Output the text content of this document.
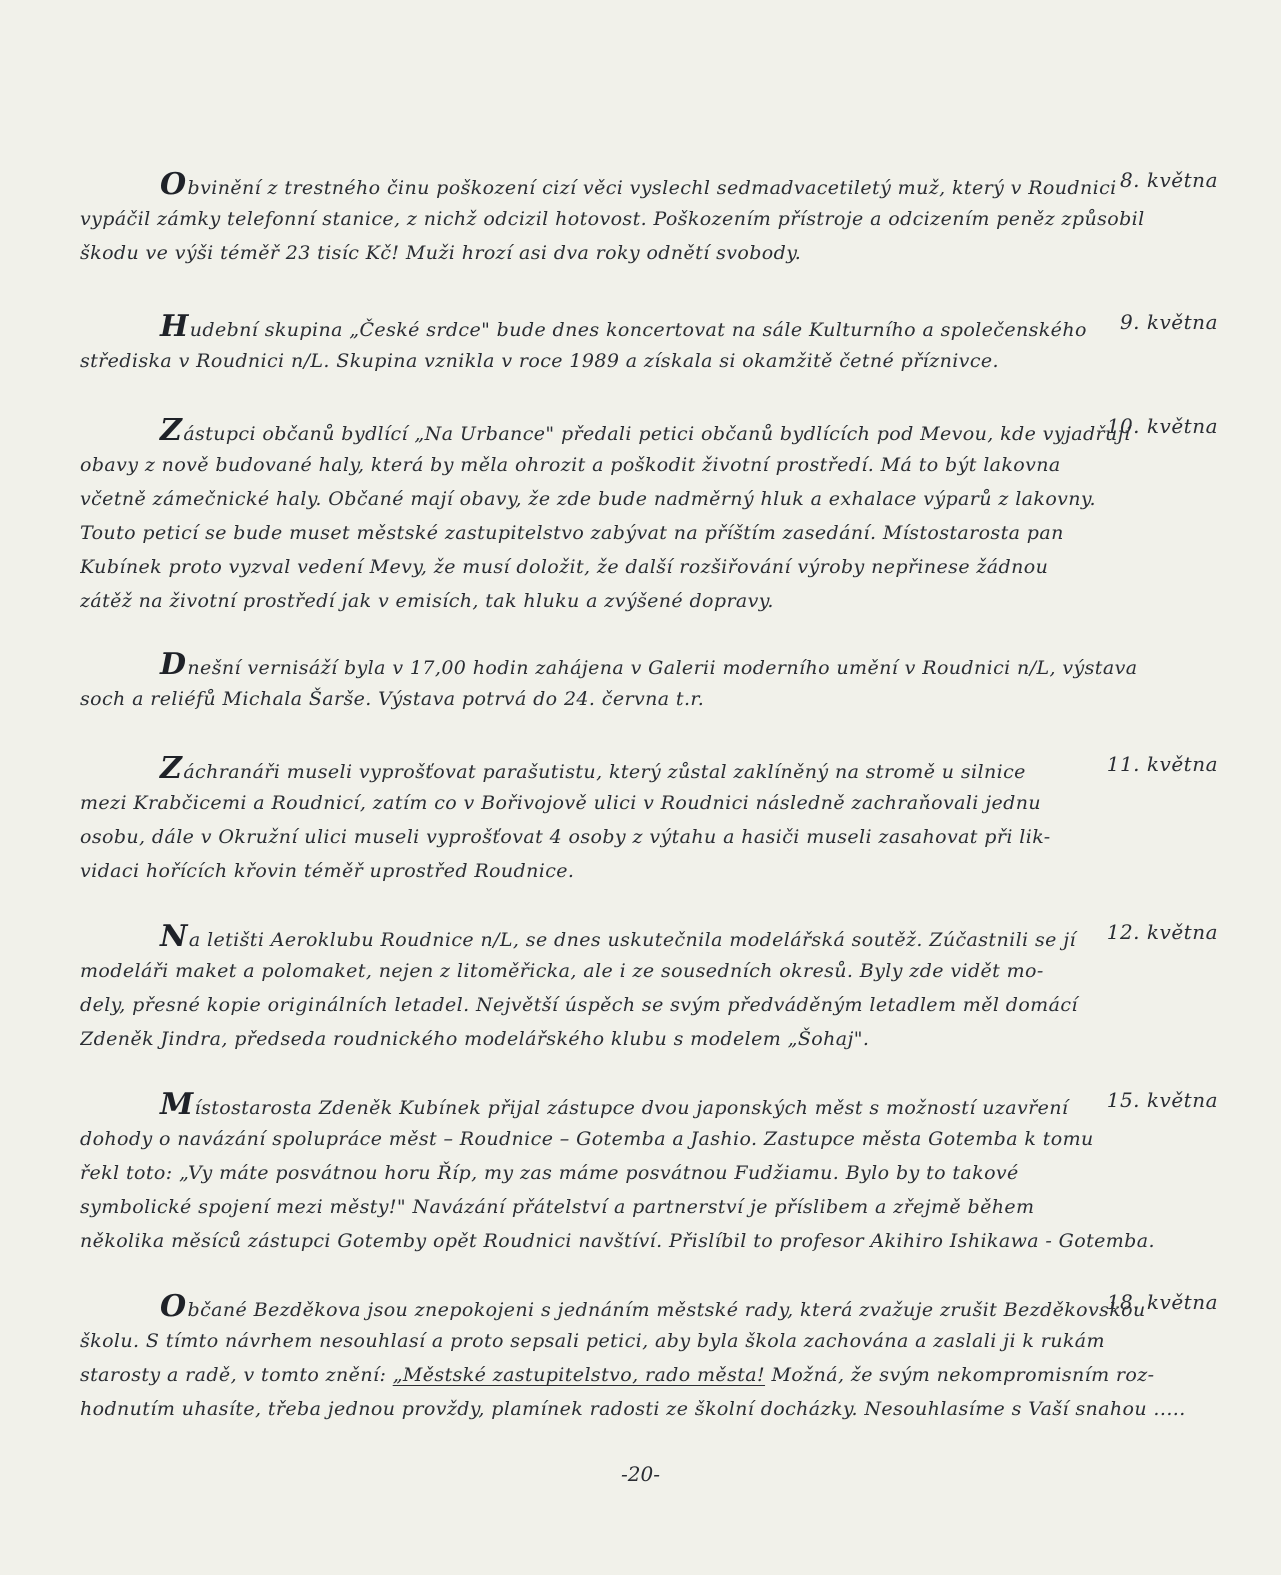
Obvinění z trestného činu poškození cizí věci vyslechl sedmadvacetiletý muž, který v Roudnici
vypáčil zámky telefonní stanice, z nichž odcizil hotovost. Poškozením přístroje a odcizením peněz způsobil
škodu ve výši téměř 23 tisíc Kč! Muži hrozí asi dva roky odnětí svobody.
8. května
Hudební skupina „České srdce" bude dnes koncertovat na sále Kulturního a společenského
střediska v Roudnici n/L. Skupina vznikla v roce 1989 a získala si okamžitě četné příznivce.
9. května
Zástupci občanů bydlící „Na Urbance" předali petici občanů bydlících pod Mevou, kde vyjadřují
obavy z nově budované haly, která by měla ohrozit a poškodit životní prostředí. Má to být lakovna
včetně zámečnické haly. Občané mají obavy, že zde bude nadměrný hluk a exhalace výparů z lakovny.
Touto peticí se bude muset městské zastupitelstvo zabývat na příštím zasedání. Místostarosta pan
Kubínek proto vyzval vedení Mevy, že musí doložit, že další rozšiřování výroby nepřinese žádnou
zátěž na životní prostředí jak v emisích, tak hluku a zvýšené dopravy.
10. května
Dnešní vernisáží byla v 17,00 hodin zahájena v Galerii moderního umění v Roudnici n/L, výstava
soch a reliéfů Michala Šarše. Výstava potrvá do 24. června t.r.
Záchranáři museli vyprošťovat parašutistu, který zůstal zaklíněný na stromě u silnice
mezi Krabčicemi a Roudnicí, zatím co v Bořivojově ulici v Roudnici následně zachraňovali jednu
osobu, dále v Okružní ulici museli vyprošťovat 4 osoby z výtahu a hasiči museli zasahovat při lik-
vidaci hořících křovin téměř uprostřed Roudnice.
11. května
Na letišti Aeroklubu Roudnice n/L, se dnes uskutečnila modelářská soutěž. Zúčastnili se jí
modeláři maket a polomaket, nejen z litoměřicka, ale i ze sousedních okresů. Byly zde vidět mo-
dely, přesné kopie originálních letadel. Největší úspěch se svým předváděným letadlem měl domácí
Zdeněk Jindra, předseda roudnického modelářského klubu s modelem „Šohaj".
12. května
Místostarosta Zdeněk Kubínek přijal zástupce dvou japonských měst s možností uzavření
dohody o navázání spolupráce měst – Roudnice – Gotemba a Jashio. Zastupce města Gotemba k tomu
řekl toto: „Vy máte posvátnou horu Říp, my zas máme posvátnou Fudžiamu. Bylo by to takové
symbolické spojení mezi městy!" Navázání přátelství a partnerství je příslibem a zřejmě během
několika měsíců zástupci Gotemby opět Roudnici navštíví. Přislíbil to profesor Akihiro Ishikawa - Gotemba.
15. května
Občané Bezděkova jsou znepokojeni s jednáním městské rady, která zvažuje zrušit Bezděkovskou
školu. S tímto návrhem nesouhlasí a proto sepsali petici, aby byla škola zachována a zaslali ji k rukám
starosty a radě, v tomto znění: „Městské zastupitelstvo, rado města! Možná, že svým nekompromisním roz-
hodnutím uhasíte, třeba jednou provždy, plamínek radosti ze školní docházky. Nesouhlasíme s Vaší snahou .....
18. května
-20-
